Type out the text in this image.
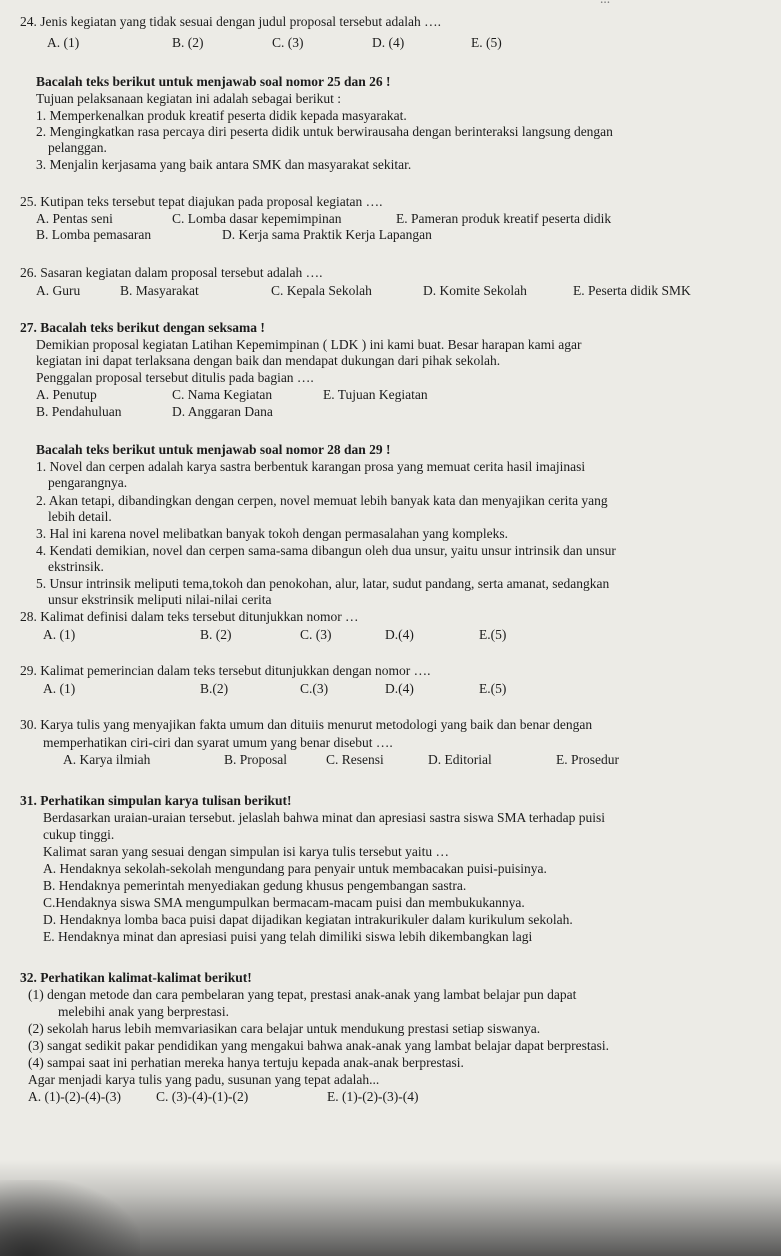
24. Jenis kegiatan yang tidak sesuai dengan judul proposal tersebut adalah ….
A. (1)	B. (2)	C. (3)	D. (4)	E. (5)
Bacalah teks berikut untuk menjawab soal nomor 25 dan 26 !
Tujuan pelaksanaan kegiatan ini adalah sebagai berikut :
1. Memperkenalkan produk kreatif peserta didik kepada masyarakat.
2. Mengingkatkan rasa percaya diri peserta didik untuk berwirausaha dengan berinteraksi langsung dengan
pelanggan.
3. Menjalin kerjasama yang baik antara SMK dan masyarakat sekitar.
25. Kutipan teks tersebut tepat diajukan pada proposal kegiatan ….
A. Pentas seni	C. Lomba dasar kepemimpinan	E. Pameran produk kreatif peserta didik
B. Lomba pemasaran	D. Kerja sama Praktik Kerja Lapangan
26. Sasaran kegiatan dalam proposal tersebut adalah ….
A. Guru	B. Masyarakat	C. Kepala Sekolah	D. Komite Sekolah	E. Peserta didik SMK
27. Bacalah teks berikut dengan seksama !
Demikian proposal kegiatan Latihan Kepemimpinan ( LDK ) ini kami buat. Besar harapan kami agar
kegiatan ini dapat terlaksana dengan baik dan mendapat dukungan dari pihak sekolah.
Penggalan proposal tersebut ditulis pada bagian ….
A. Penutup	C. Nama Kegiatan	E. Tujuan Kegiatan
B. Pendahuluan	D. Anggaran Dana
Bacalah teks berikut untuk menjawab soal nomor 28 dan 29 !
1. Novel dan cerpen adalah karya sastra berbentuk karangan prosa yang memuat cerita hasil imajinasi
pengarangnya.
2. Akan tetapi, dibandingkan dengan cerpen, novel memuat lebih banyak kata dan menyajikan cerita yang
lebih detail.
3. Hal ini karena novel melibatkan banyak tokoh dengan permasalahan yang kompleks.
4. Kendati demikian, novel dan cerpen sama-sama dibangun oleh dua unsur, yaitu unsur intrinsik dan unsur
ekstrinsik.
5. Unsur intrinsik meliputi tema,tokoh dan penokohan, alur, latar, sudut pandang, serta amanat, sedangkan
unsur ekstrinsik meliputi nilai-nilai cerita
28. Kalimat definisi dalam teks tersebut ditunjukkan nomor …
A. (1)	B. (2)	C. (3)	D.(4)	E.(5)
29. Kalimat pemerincian dalam teks tersebut ditunjukkan dengan nomor ….
A. (1)	B.(2)	C.(3)	D.(4)	E.(5)
30. Karya tulis yang menyajikan fakta umum dan dituiis menurut metodologi yang baik dan benar dengan
memperhatikan ciri-ciri dan syarat umum yang benar disebut ….
A. Karya ilmiah	B. Proposal	C. Resensi	D. Editorial	E. Prosedur
31. Perhatikan simpulan karya tulisan berikut!
Berdasarkan uraian-uraian tersebut. jelaslah bahwa minat dan apresiasi sastra siswa SMA terhadap puisi
cukup tinggi.
Kalimat saran yang sesuai dengan simpulan isi karya tulis tersebut yaitu …
A. Hendaknya sekolah-sekolah mengundang para penyair untuk membacakan puisi-puisinya.
B. Hendaknya pemerintah menyediakan gedung khusus pengembangan sastra.
C.Hendaknya siswa SMA mengumpulkan bermacam-macam puisi dan membukukannya.
D. Hendaknya lomba baca puisi dapat dijadikan kegiatan intrakurikuler dalam kurikulum sekolah.
E. Hendaknya minat dan apresiasi puisi yang telah dimiliki siswa lebih dikembangkan lagi
32. Perhatikan kalimat-kalimat berikut!
(1) dengan metode dan cara pembelaran yang tepat, prestasi anak-anak yang lambat belajar pun dapat
melebihi anak yang berprestasi.
(2) sekolah harus lebih memvariasikan cara belajar untuk mendukung prestasi setiap siswanya.
(3) sangat sedikit pakar pendidikan yang mengakui bahwa anak-anak yang lambat belajar dapat berprestasi.
(4) sampai saat ini perhatian mereka hanya tertuju kepada anak-anak berprestasi.
Agar menjadi karya tulis yang padu, susunan yang tepat adalah...
A. (1)-(2)-(4)-(3)	C. (3)-(4)-(1)-(2)	E. (1)-(2)-(3)-(4)
